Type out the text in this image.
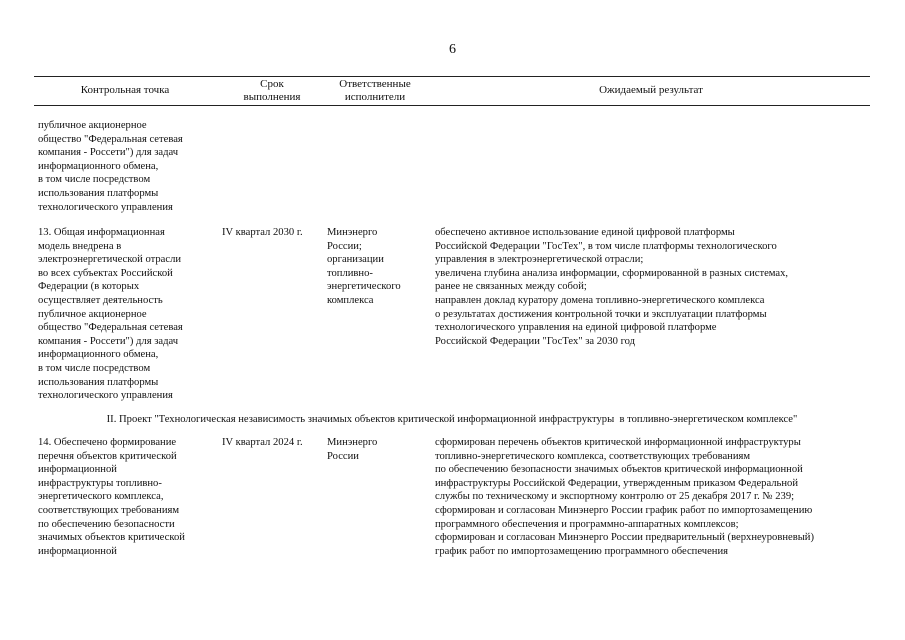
6
Контрольная точка	Срок
выполнения
Ответственные
исполнители
Ожидаемый результат
публичное акционерное
общество "Федеральная сетевая
компания - Россети") для задач
информационного обмена,
в том числе посредством
использования платформы
технологического управления
13. Общая информационная
модель внедрена в
электроэнергетической отрасли
во всех субъектах Российской
Федерации (в которых
осуществляет деятельность
публичное акционерное
общество "Федеральная сетевая
компания - Россети") для задач
информационного обмена,
в том числе посредством
использования платформы
технологического управления
IV квартал 2030 г. Минэнерго
России;
организации
топливно-
энергетического
комплекса
обеспечено активное использование единой цифровой платформы
Российской Федерации "ГосТех", в том числе платформы технологического
управления в электроэнергетической отрасли;
увеличена глубина анализа информации, сформированной в разных системах,
ранее не связанных между собой;
направлен доклад куратору домена топливно-энергетического комплекса
о результатах достижения контрольной точки и эксплуатации платформы
технологического управления на единой цифровой платформе
Российской Федерации "ГосТех" за 2030 год
II. Проект "Технологическая независимость значимых объектов критической информационной инфраструктуры  в топливно-энергетическом комплексе"
14. Обеспечено формирование
перечня объектов критической
информационной
инфраструктуры топливно-
энергетического комплекса,
соответствующих требованиям
по обеспечению безопасности
значимых объектов критической
информационной
IV квартал 2024 г. Минэнерго
России
сформирован перечень объектов критической информационной инфраструктуры
топливно-энергетического комплекса, соответствующих требованиям
по обеспечению безопасности значимых объектов критической информационной
инфраструктуры Российской Федерации, утвержденным приказом Федеральной
службы по техническому и экспортному контролю от 25 декабря 2017 г. № 239;
сформирован и согласован Минэнерго России график работ по импортозамещению
программного обеспечения и программно-аппаратных комплексов;
сформирован и согласован Минэнерго России предварительный (верхнеуровневый)
график работ по импортозамещению программного обеспечения
